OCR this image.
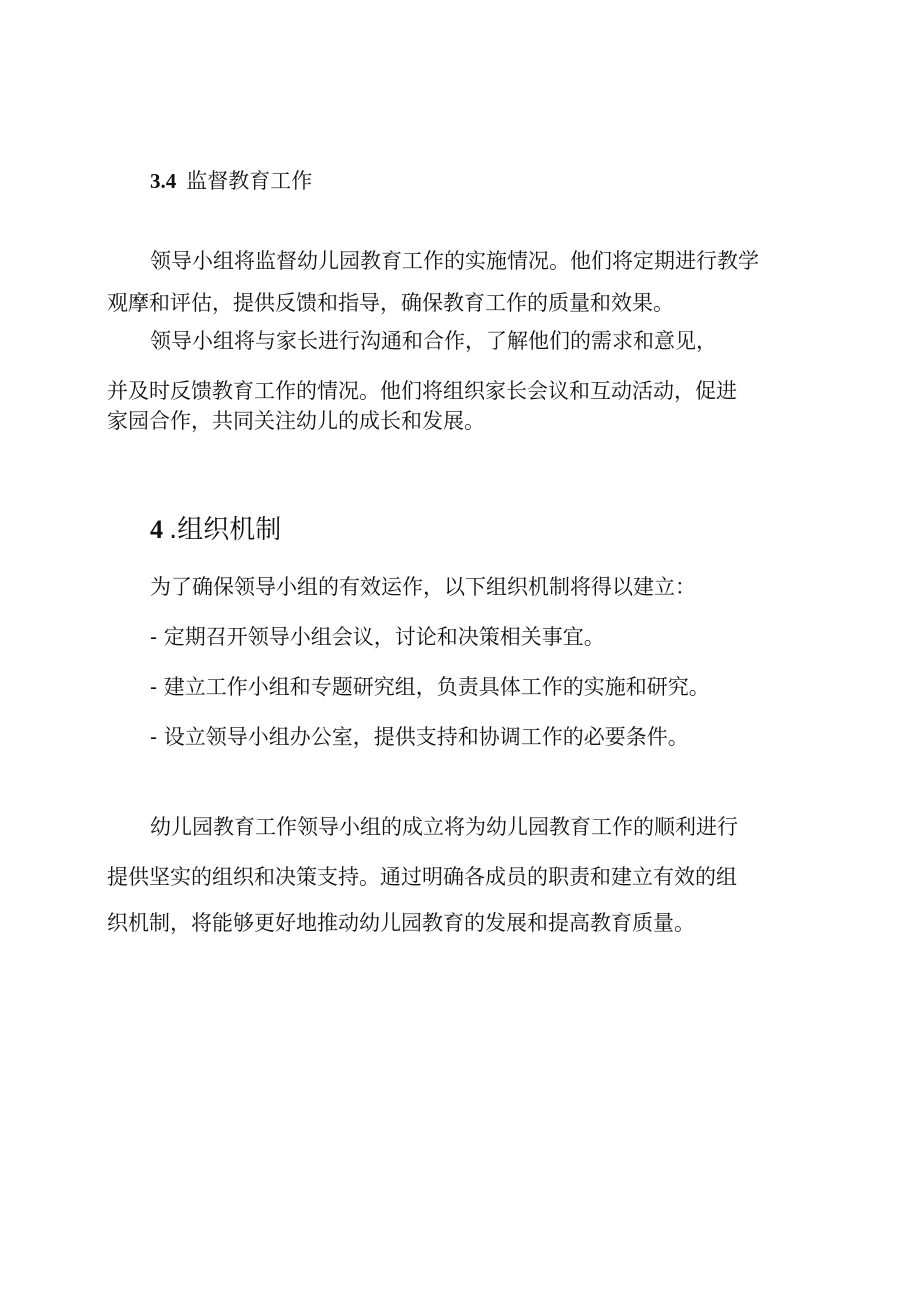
3.4 监督教育工作
领导小组将监督幼儿园教育工作的实施情况。他们将定期进行教学
观摩和评估，提供反馈和指导，确保教育工作的质量和效果。
领导小组将与家长进行沟通和合作，了解他们的需求和意见，
并及时反馈教育工作的情况。他们将组织家长会议和互动活动，促进
家园合作，共同关注幼儿的成长和发展。
4 .组织机制
为了确保领导小组的有效运作，以下组织机制将得以建立：
- 定期召开领导小组会议，讨论和决策相关事宜。
- 建立工作小组和专题研究组，负责具体工作的实施和研究。
- 设立领导小组办公室，提供支持和协调工作的必要条件。
幼儿园教育工作领导小组的成立将为幼儿园教育工作的顺利进行
提供坚实的组织和决策支持。通过明确各成员的职责和建立有效的组
织机制，将能够更好地推动幼儿园教育的发展和提高教育质量。
